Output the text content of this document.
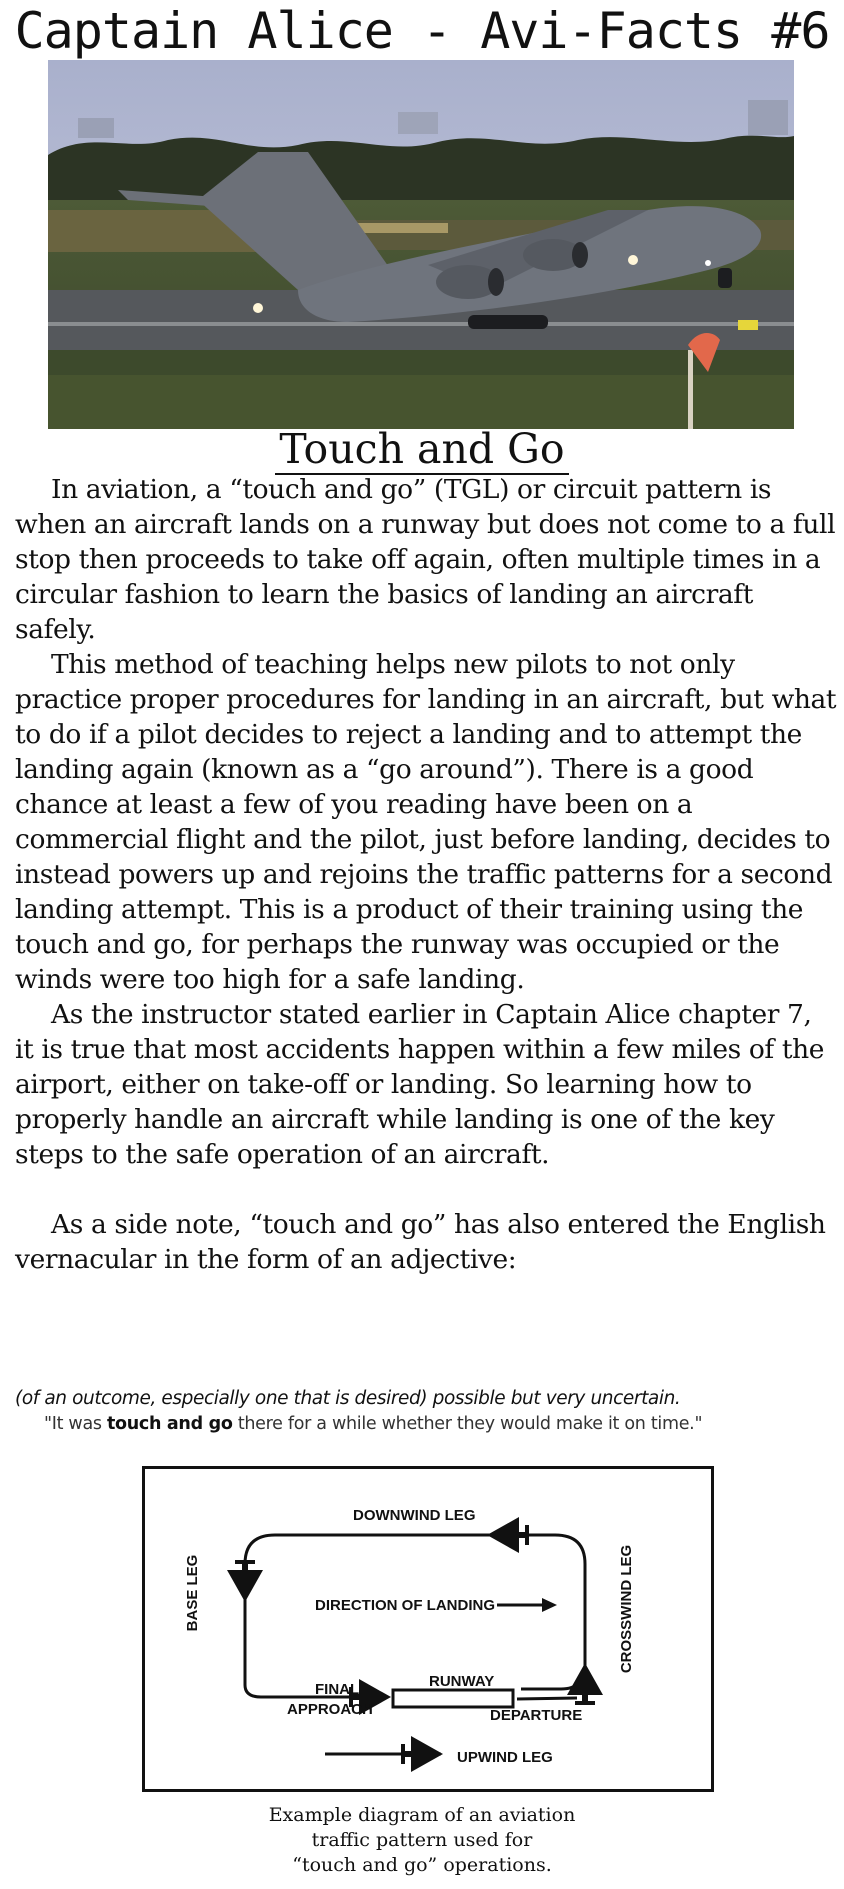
Captain Alice - Avi-Facts #6
Touch and Go

In aviation, a “touch and go” (TGL) or circuit pattern is when an aircraft lands on a runway but does not come to a full stop then proceeds to take off again, often multiple times in a circular fashion to learn the basics of landing an aircraft safely.

This method of teaching helps new pilots to not only practice proper procedures for landing in an aircraft, but what to do if a pilot decides to reject a landing and to attempt the landing again (known as a “go around”). There is a good chance at least a few of you reading have been on a commercial flight and the pilot, just before landing, decides to instead powers up and rejoins the traffic patterns for a second landing attempt. This is a product of their training using the touch and go, for perhaps the runway was occupied or the winds were too high for a safe landing.

As the instructor stated earlier in Captain Alice chapter 7, it is true that most accidents happen within a few miles of the airport, either on take-off or landing. So learning how to properly handle an aircraft while landing is one of the key steps to the safe operation of an aircraft.

As a side note, “touch and go” has also entered the English vernacular in the form of an adjective:

(of an outcome, especially one that is desired) possible but very uncertain.
"It was touch and go there for a while whether they would make it on time."
DOWNWIND LEG
DIRECTION OF LANDING
RUNWAY
FINAL
APPROACH	DEPARTURE
UPWIND LEG
BASE LEG	CROSSWIND LEG
Example diagram of an aviation
traffic pattern used for
“touch and go” operations.
